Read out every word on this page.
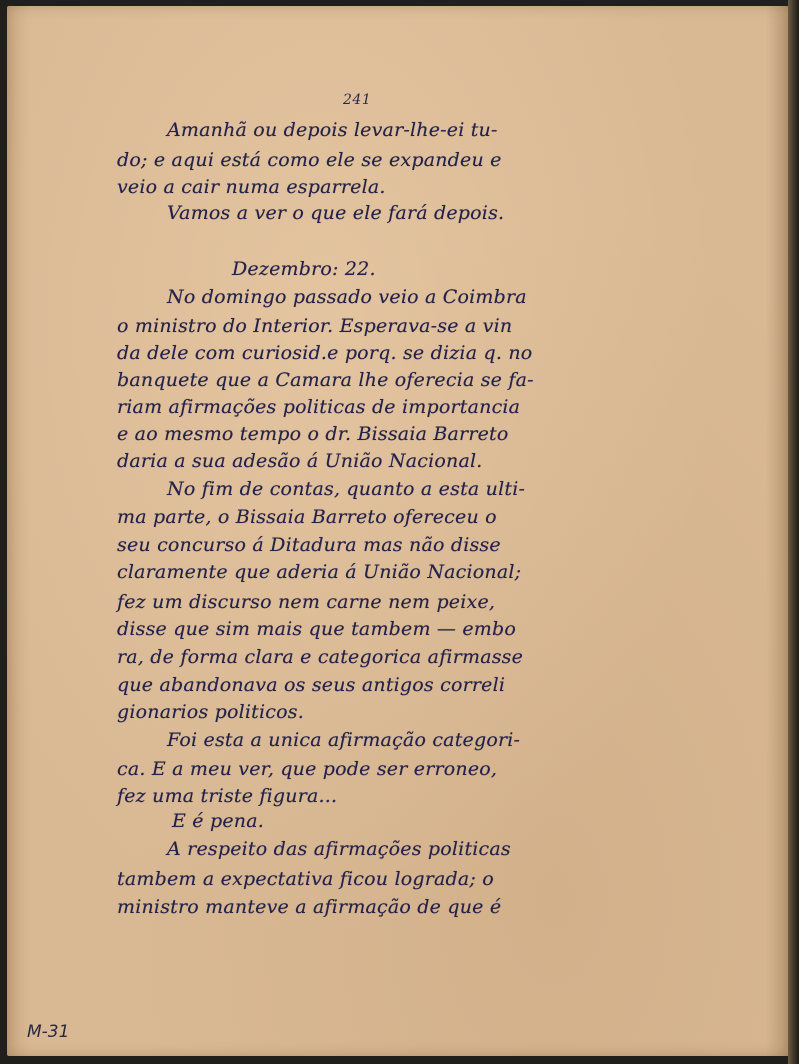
241
Amanhã ou depois levar-lhe-ei tu-
do; e aqui está como ele se expandeu e
veio a cair numa esparrela.
Vamos a ver o que ele fará depois.
Dezembro: 22.
No domingo passado veio a Coimbra
o ministro do Interior. Esperava-se a vin
da dele com curiosid.e porq. se dizia q. no
banquete que a Camara lhe oferecia se fa-
riam afirmações politicas de importancia
e ao mesmo tempo o dr. Bissaia Barreto
daria a sua adesão á União Nacional.
No fim de contas, quanto a esta ulti-
ma parte, o Bissaia Barreto ofereceu o
seu concurso á Ditadura mas não disse
claramente que aderia á União Nacional;
fez um discurso nem carne nem peixe,
disse que sim mais que tambem — embo
ra, de forma clara e categorica afirmasse
que abandonava os seus antigos correli
gionarios politicos.
Foi esta a unica afirmação categori-
ca. E a meu ver, que pode ser erroneo,
fez uma triste figura...
E é pena.
A respeito das afirmações politicas
tambem a expectativa ficou lograda; o
ministro manteve a afirmação de que é
M-31
